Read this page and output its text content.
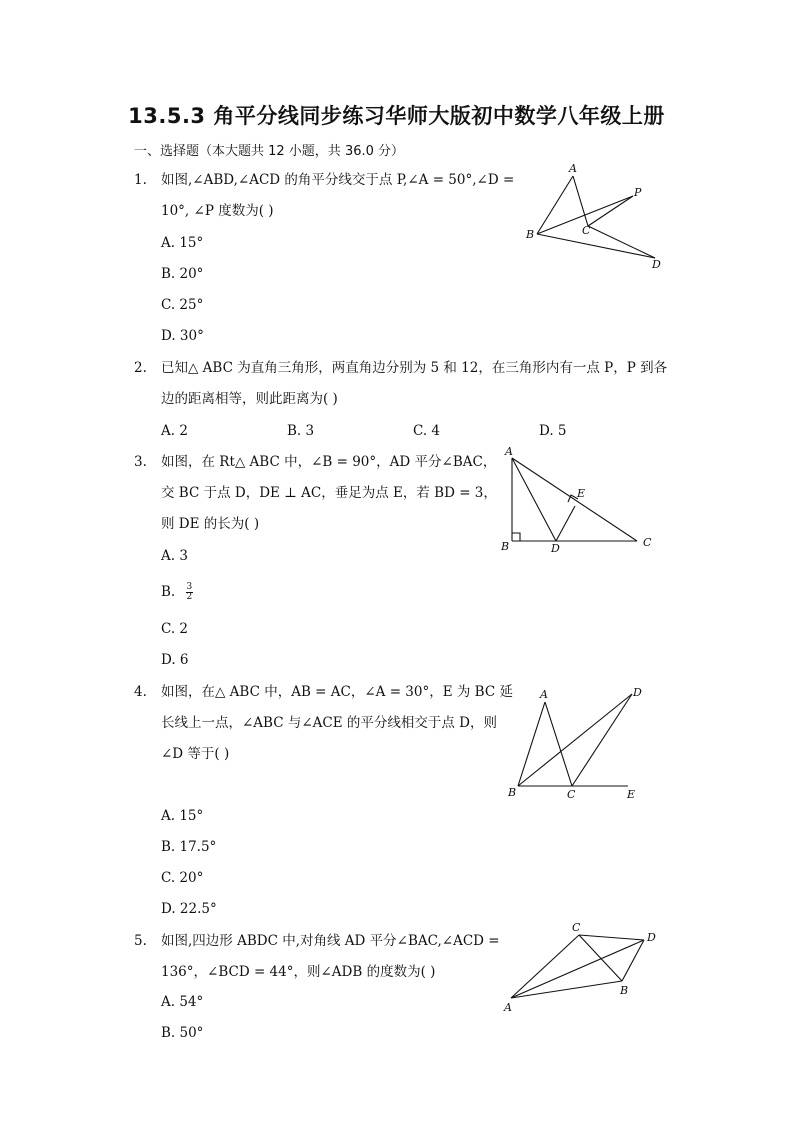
13.5.3 角平分线同步练习华师大版初中数学八年级上册
一、选择题（本大题共 12 小题，共 36.0 分）
1. 如图,∠ABD,∠ACD 的角平分线交于点 P,∠A = 50°,∠D =
10°, ∠P 度数为( )
A. 15°
B. 20°
C. 25°
D. 30°
A
B	C
P
D
2. 已知△ ABC 为直角三角形，两直角边分别为 5 和 12，在三角形内有一点 P，P 到各
边的距离相等，则此距离为( )
A. 2	B. 3	C. 4	D. 5
3. 如图，在 Rt△ ABC 中，∠B = 90°，AD 平分∠BAC，
交 BC 于点 D，DE ⊥ AC，垂足为点 E，若 BD = 3，
则 DE 的长为( )
A. 3
B. $\frac{3}{2}$
C. 2
D. 6
A
E
B	D	C
4. 如图，在△ ABC 中，AB = AC，∠A = 30°，E 为 BC 延
长线上一点，∠ABC 与∠ACE 的平分线相交于点 D，则
∠D 等于( )
A. 15°
B. 17.5°
C. 20°
D. 22.5°
A	D
B	C	E
5. 如图,四边形 ABDC 中,对角线 AD 平分∠BAC,∠ACD =
136°，∠BCD = 44°，则∠ADB 的度数为( )
A. 54°
B. 50°
C
D
B
A
